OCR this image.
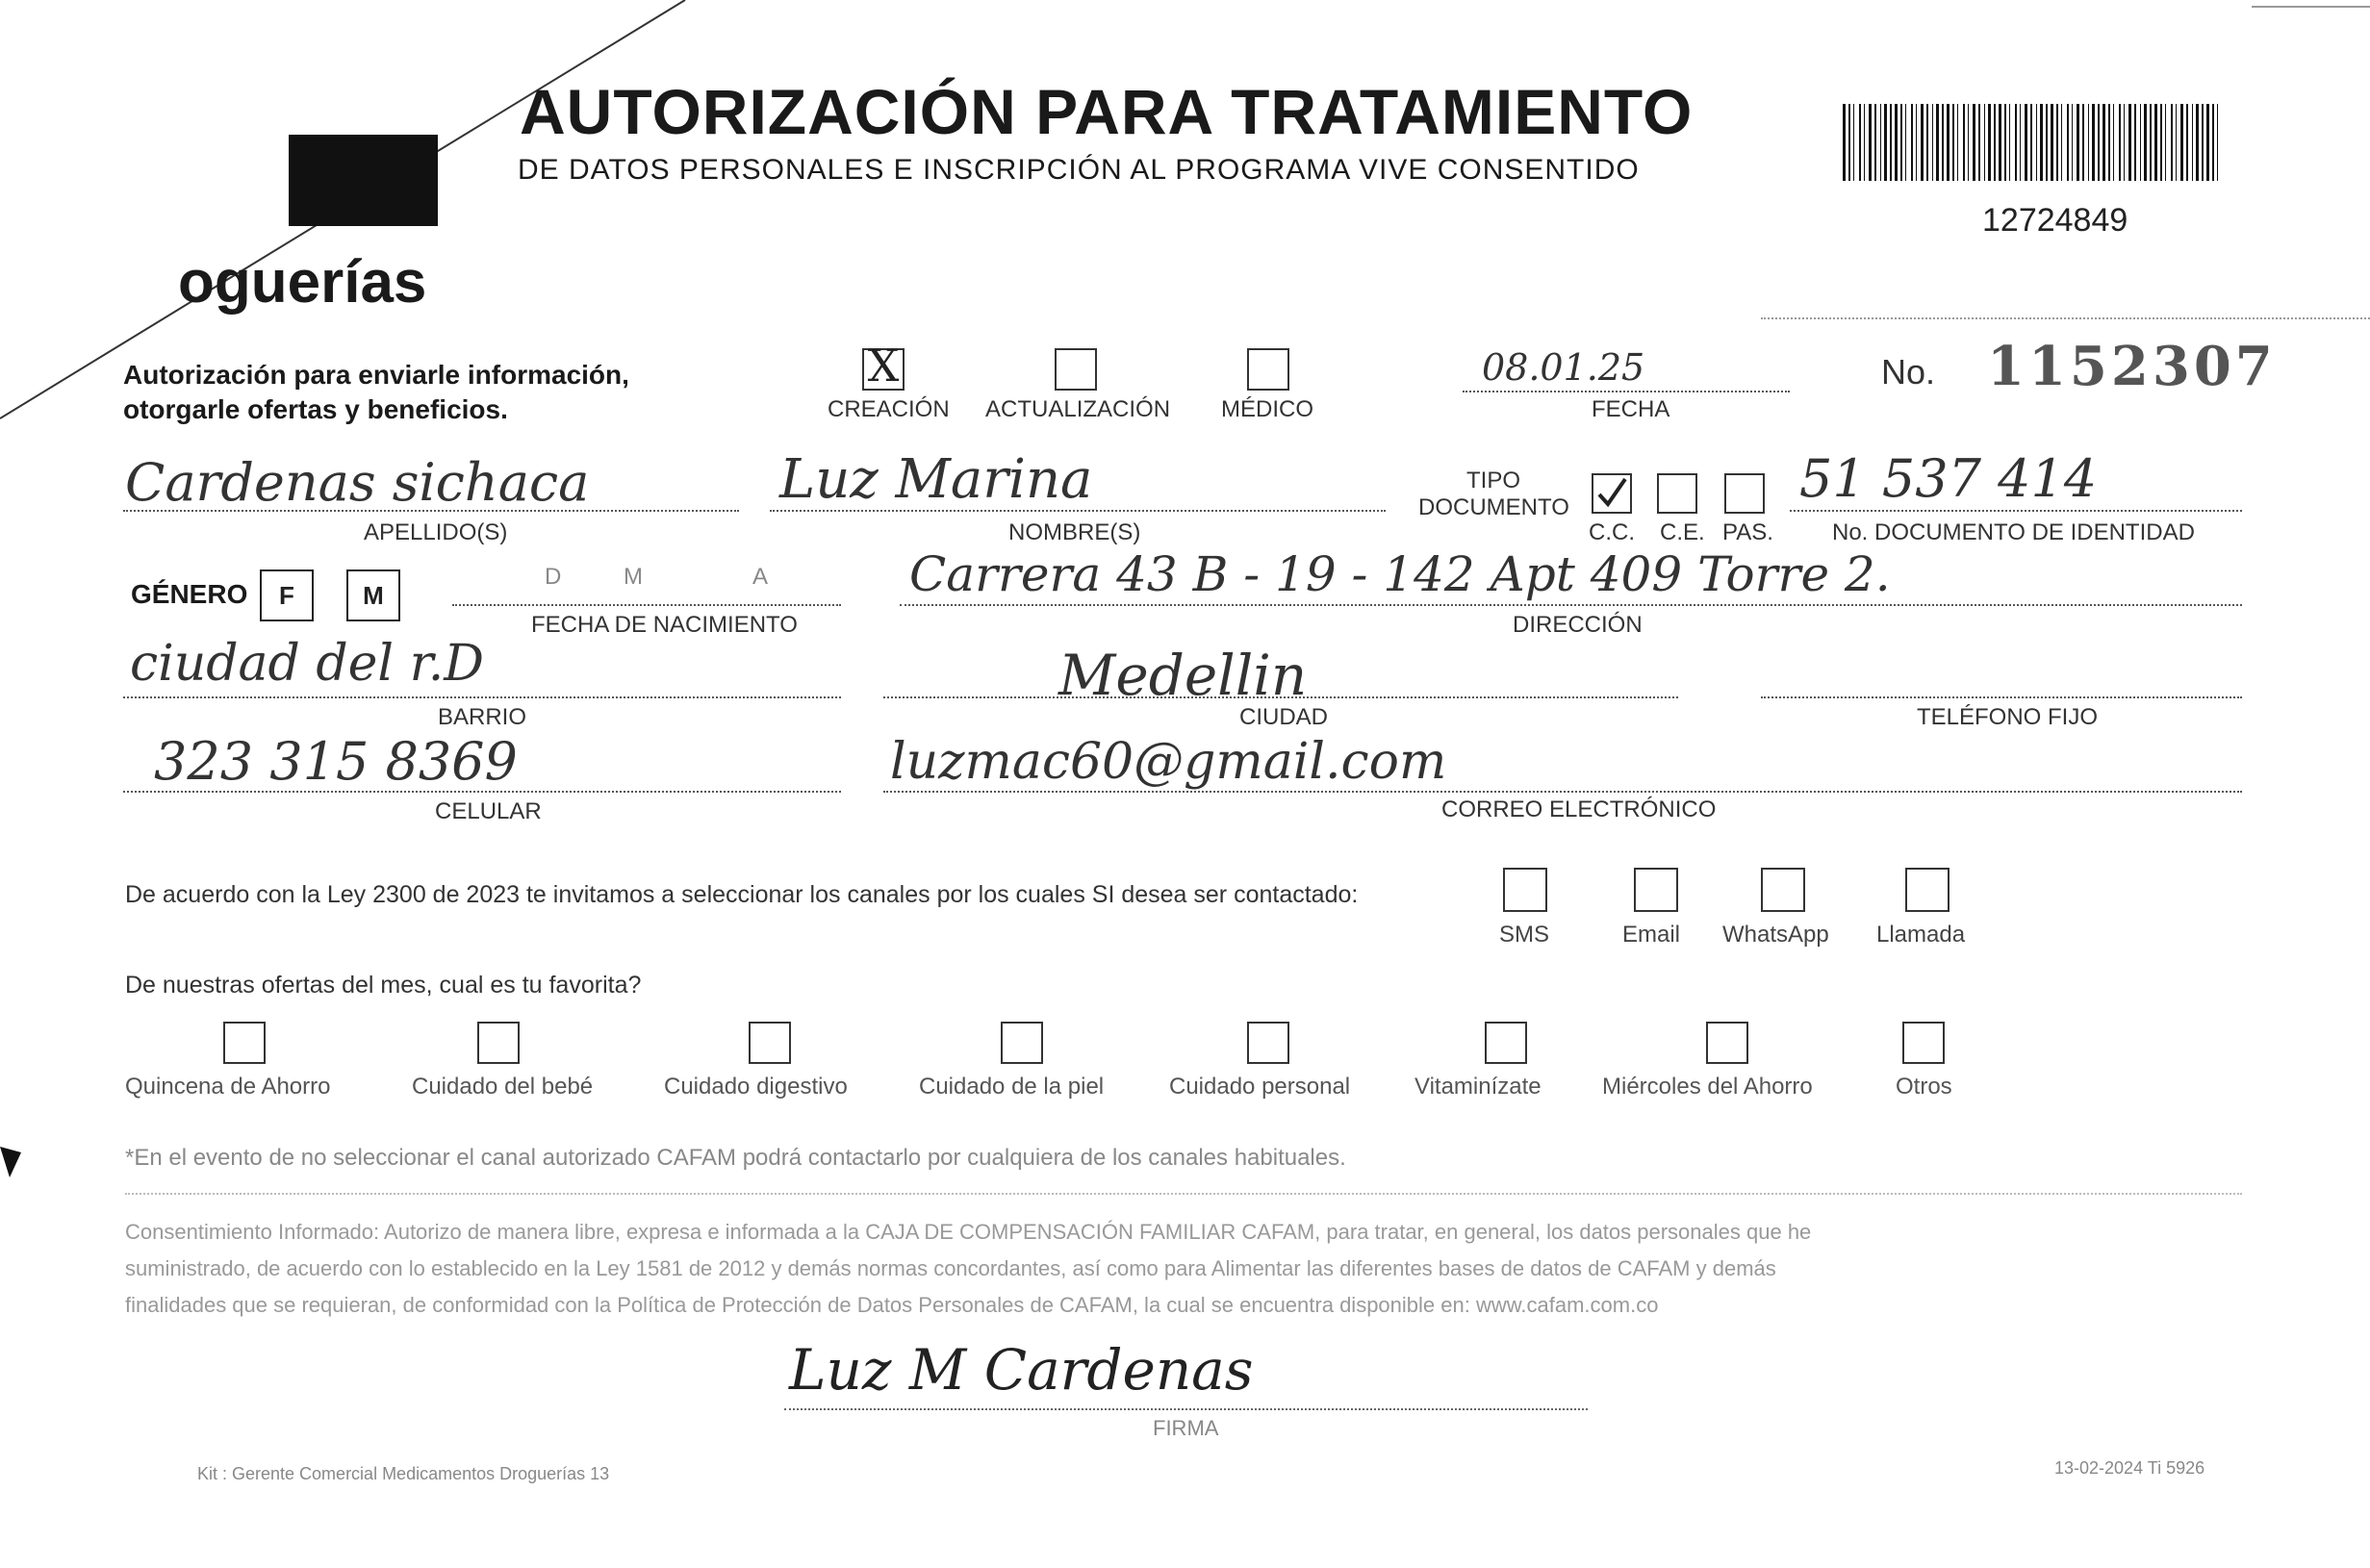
oguerías
AUTORIZACIÓN PARA TRATAMIENTO
DE DATOS PERSONALES E INSCRIPCIÓN AL PROGRAMA VIVE CONSENTIDO
12724849
Autorización para enviarle información,
otorgarle ofertas y beneficios.
X
CREACIÓN ACTUALIZACIÓN MÉDICO
08.01.25
FECHA
No. 1152307
Cardenas sichaca
APELLIDO(S)
Luz Marina
NOMBRE(S)
TIPO
DOCUMENTO
C.C. C.E. PAS.
51 537 414
No. DOCUMENTO DE IDENTIDAD
GÉNERO	F	M
D	M	A
FECHA DE NACIMIENTO
Carrera 43 B - 19 - 142 Apt 409 Torre 2.
DIRECCIÓN
ciudad del r.D
BARRIO
Medellin
CIUDAD	TELÉFONO FIJO
323 315 8369
CELULAR
luzmac60@gmail.com
CORREO ELECTRÓNICO
De acuerdo con la Ley 2300 de 2023 te invitamos a seleccionar los canales por los cuales SI desea ser contactado:
SMS	Email WhatsApp Llamada
De nuestras ofertas del mes, cual es tu favorita?
Quincena de Ahorro	Cuidado del bebé	Cuidado digestivo	Cuidado de la piel	Cuidado personal	Vitaminízate	Miércoles del Ahorro	Otros
*En el evento de no seleccionar el canal autorizado CAFAM podrá contactarlo por cualquiera de los canales habituales.
Consentimiento Informado: Autorizo de manera libre, expresa e informada a la CAJA DE COMPENSACIÓN FAMILIAR CAFAM, para tratar, en general, los datos personales que he
suministrado, de acuerdo con lo establecido en la Ley 1581 de 2012 y demás normas concordantes, así como para Alimentar las diferentes bases de datos de CAFAM y demás
finalidades que se requieran, de conformidad con la Política de Protección de Datos Personales de CAFAM, la cual se encuentra disponible en: www.cafam.com.co
Luz M Cardenas
FIRMA
Kit : Gerente Comercial Medicamentos Droguerías 13	13-02-2024 Ti 5926
